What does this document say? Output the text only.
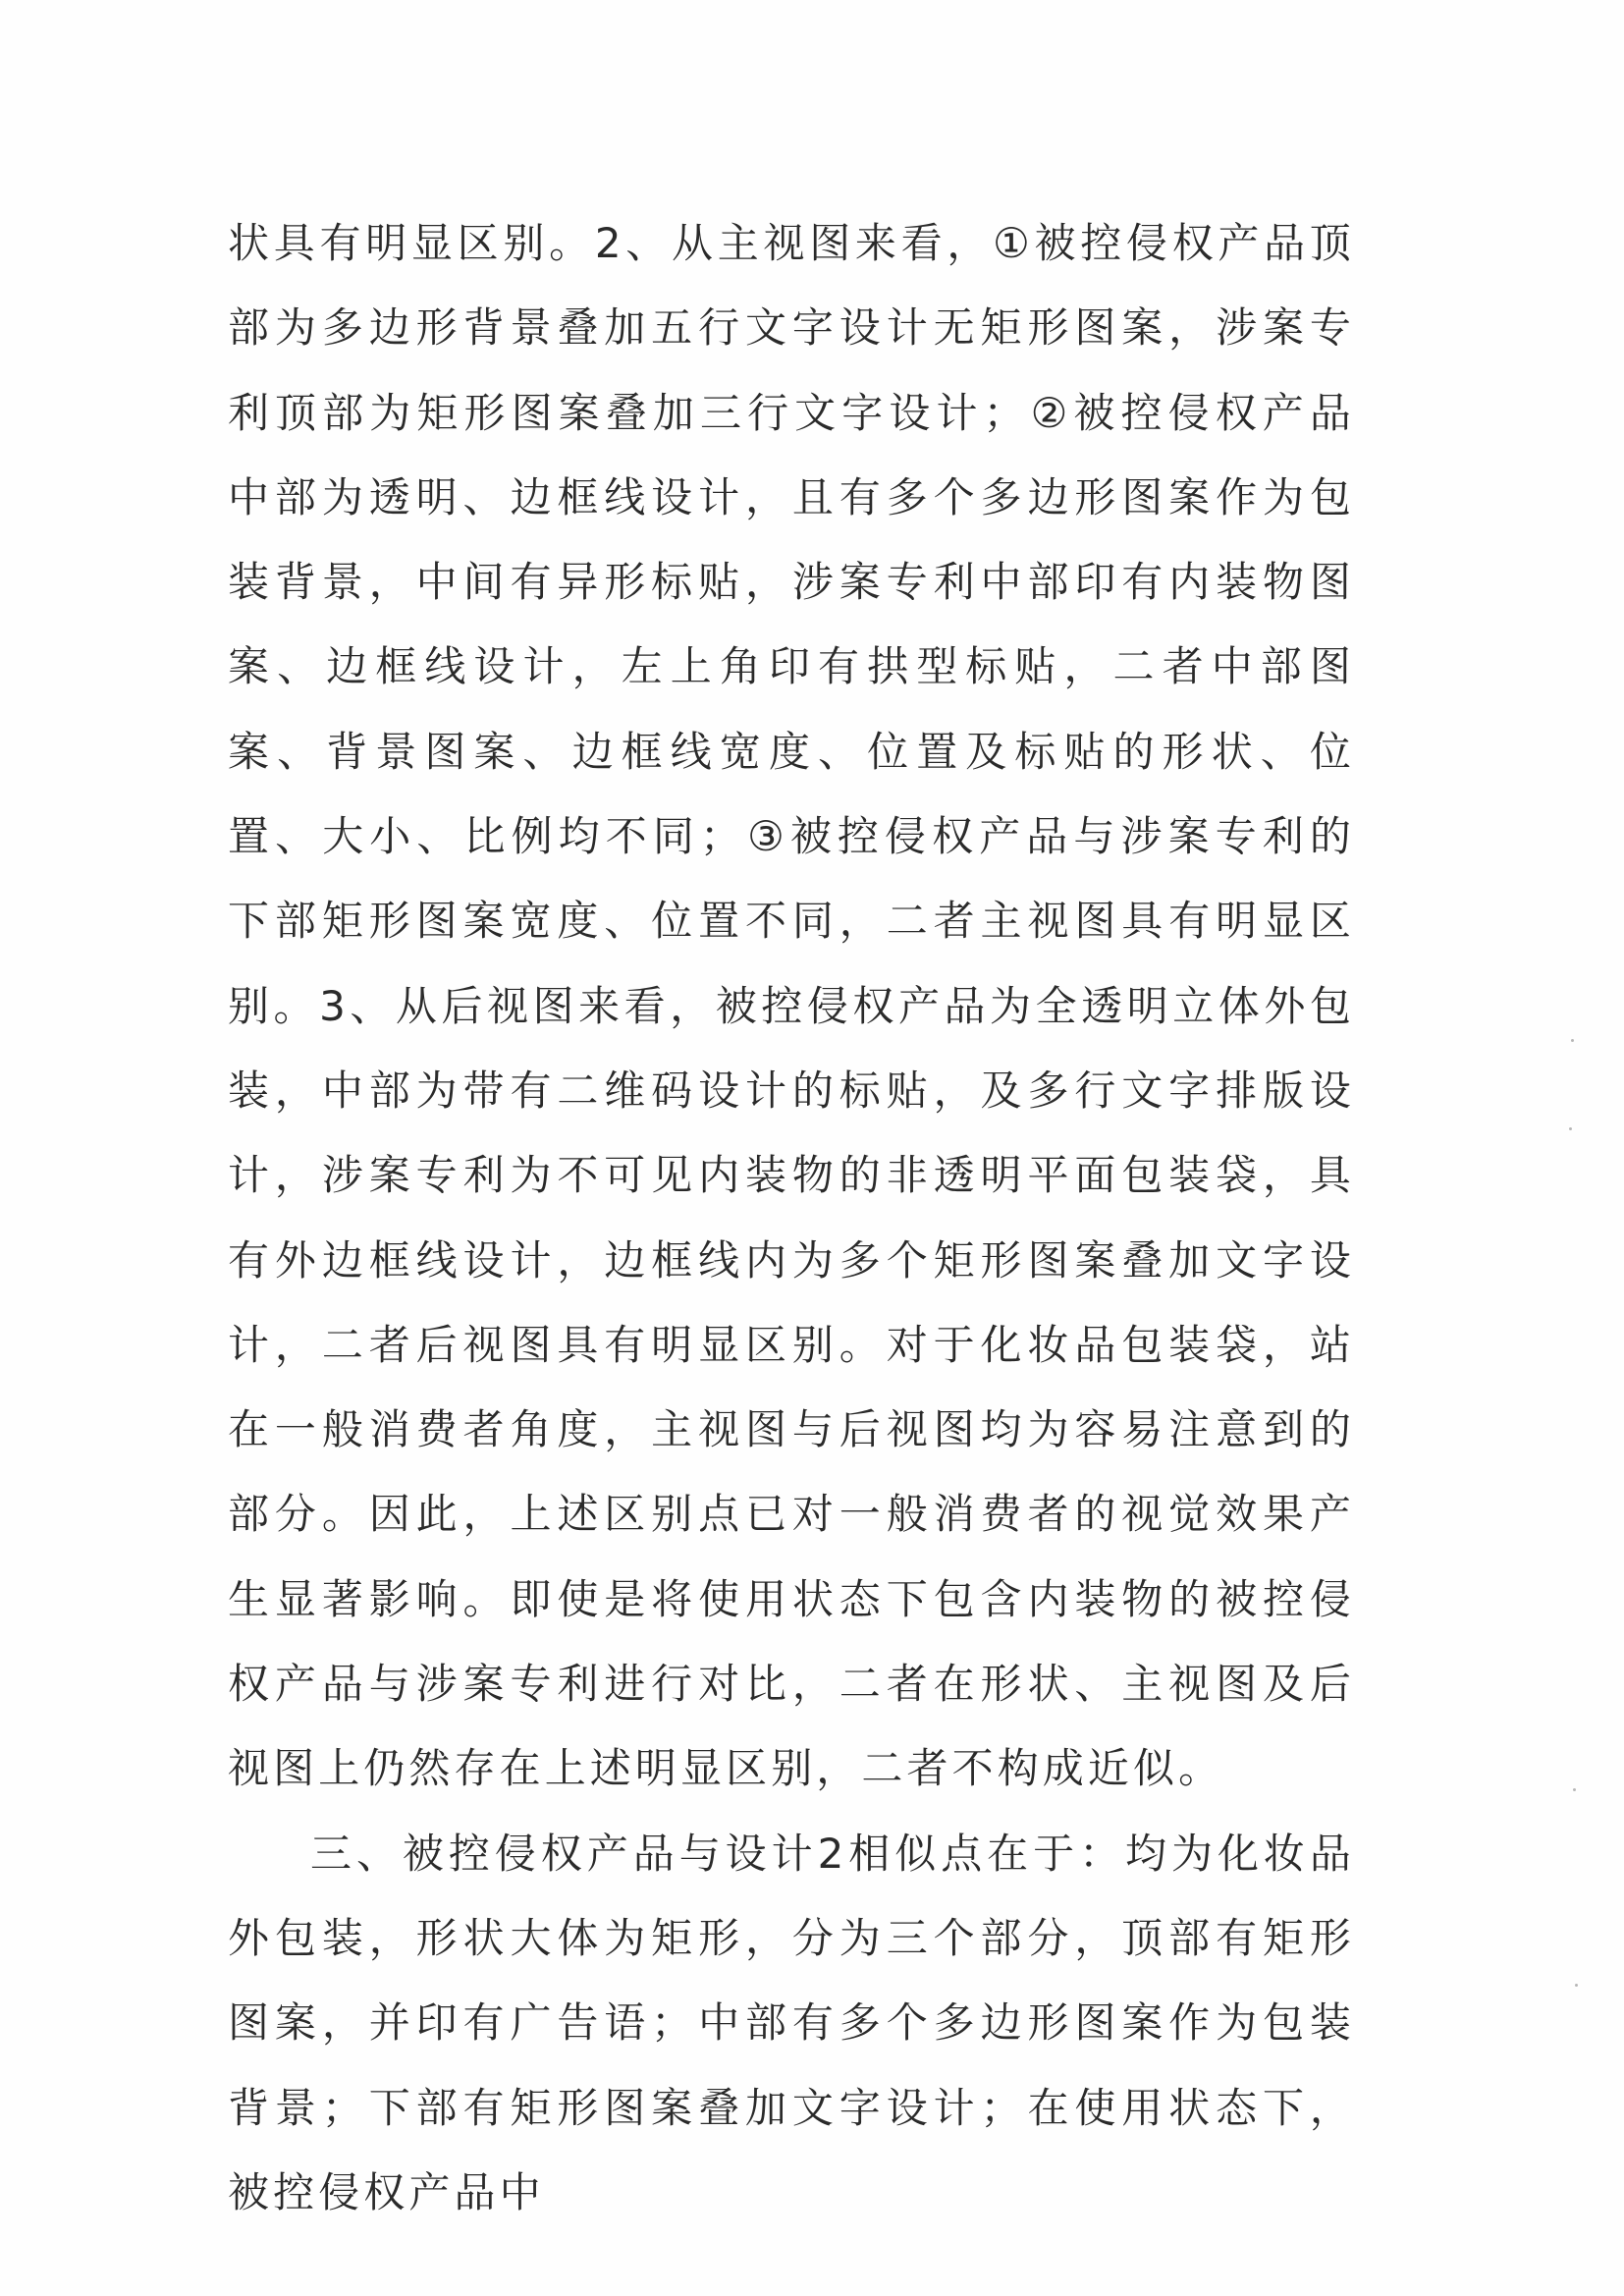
状具有明显区别。2、从主视图来看，①被控侵权产品顶部为多边形背景叠加五行文字设计无矩形图案，涉案专利顶部为矩形图案叠加三行文字设计；②被控侵权产品中部为透明、边框线设计，且有多个多边形图案作为包装背景，中间有异形标贴，涉案专利中部印有内装物图案、边框线设计，左上角印有拱型标贴，二者中部图案、背景图案、边框线宽度、位置及标贴的形状、位置、大小、比例均不同；③被控侵权产品与涉案专利的下部矩形图案宽度、位置不同，二者主视图具有明显区别。3、从后视图来看，被控侵权产品为全透明立体外包装，中部为带有二维码设计的标贴，及多行文字排版设计，涉案专利为不可见内装物的非透明平面包装袋，具有外边框线设计，边框线内为多个矩形图案叠加文字设计，二者后视图具有明显区别。对于化妆品包装袋，站在一般消费者角度，主视图与后视图均为容易注意到的部分。因此，上述区别点已对一般消费者的视觉效果产生显著影响。即使是将使用状态下包含内装物的被控侵权产品与涉案专利进行对比，二者在形状、主视图及后视图上仍然存在上述明显区别，二者不构成近似。

三、被控侵权产品与设计2相似点在于：均为化妆品外包装，形状大体为矩形，分为三个部分，顶部有矩形图案，并印有广告语；中部有多个多边形图案作为包装背景；下部有矩形图案叠加文字设计；在使用状态下，被控侵权产品中
